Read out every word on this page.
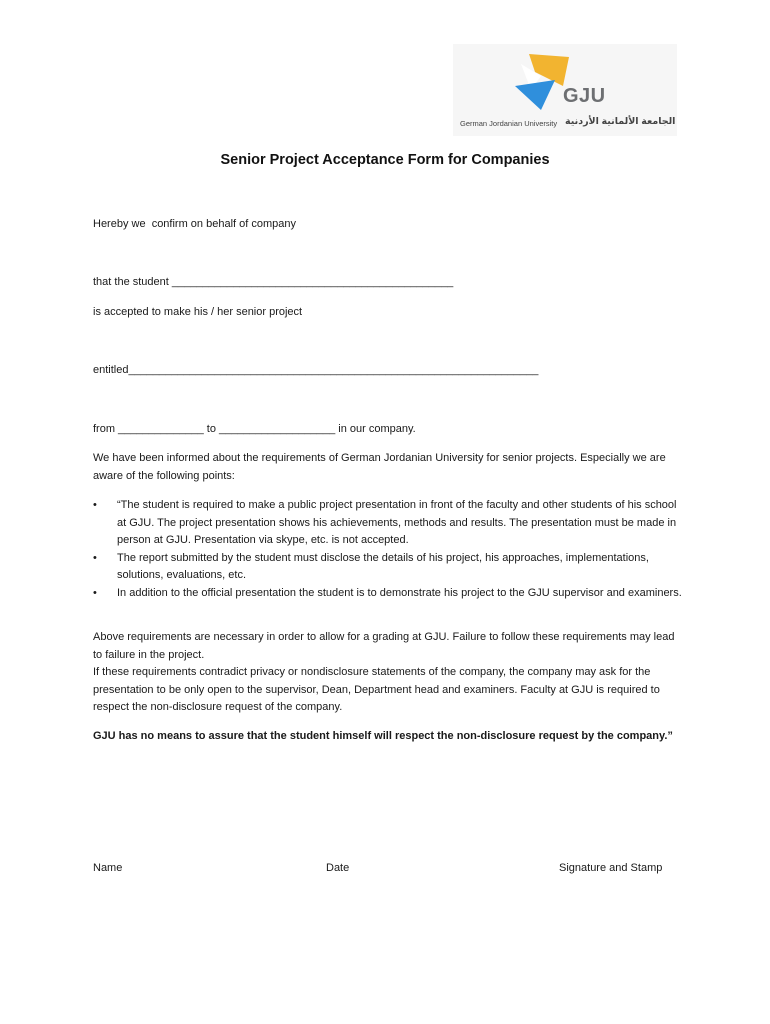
GJU
German Jordanian University الجامعة الألمانية الأردنية
Senior Project Acceptance Form for Companies
Hereby we  confirm on behalf of company
that the student ______________________________________________
is accepted to make his / her senior project
entitled___________________________________________________________________
from ______________ to ___________________ in our company.
We have been informed about the requirements of German Jordanian University for senior projects. Especially we are aware of the following points:
• “The student is required to make a public project presentation in front of the faculty and other students of his school at GJU. The project presentation shows his achievements, methods and results. The presentation must be made in person at GJU. Presentation via skype, etc. is not accepted.
• The report submitted by the student must disclose the details of his project, his approaches, implementations, solutions, evaluations, etc.
• In addition to the official presentation the student is to demonstrate his project to the GJU supervisor and examiners.
Above requirements are necessary in order to allow for a grading at GJU. Failure to follow these requirements may lead to failure in the project.
If these requirements contradict privacy or nondisclosure statements of the company, the company may ask for the presentation to be only open to the supervisor, Dean, Department head and examiners. Faculty at GJU is required to respect the non-disclosure request of the company.
GJU has no means to assure that the student himself will respect the non-disclosure request by the company.”
Name	Date	Signature and Stamp
